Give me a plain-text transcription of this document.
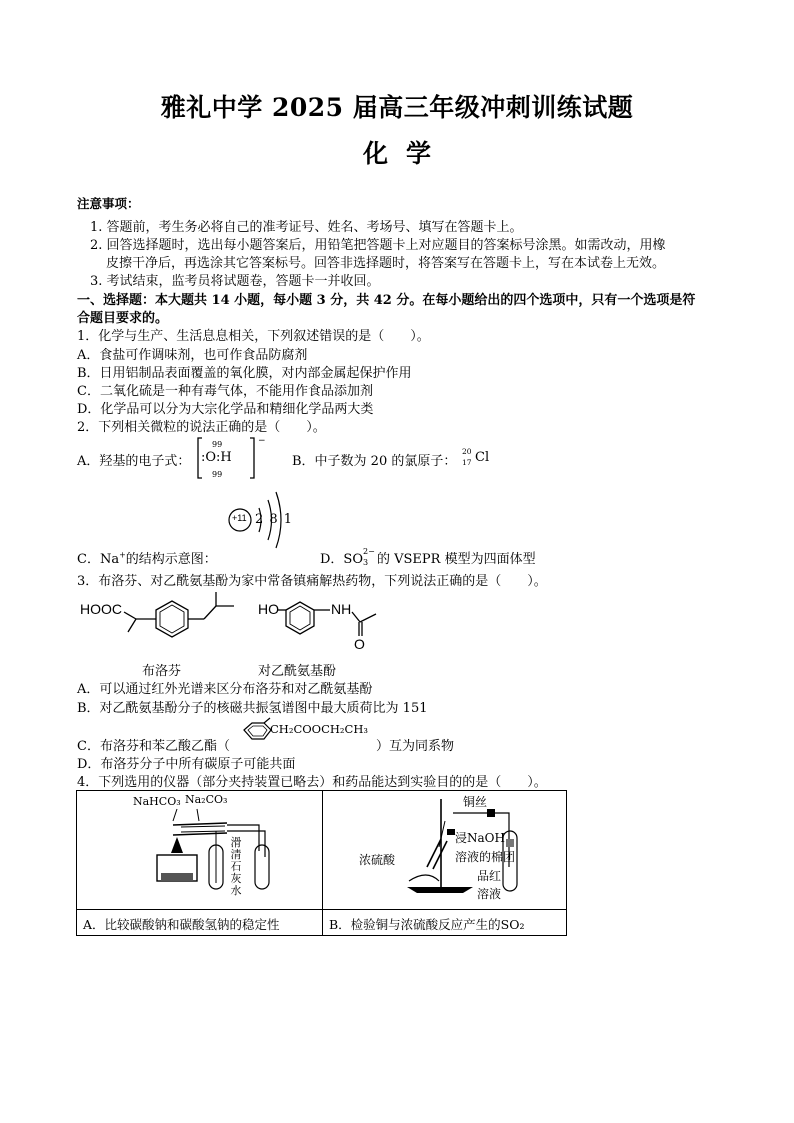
雅礼中学 2025 届高三年级冲刺训练试题
化学
注意事项：
1. 答题前，考生务必将自己的准考证号、姓名、考场号、填写在答题卡上。
2. 回答选择题时，选出每小题答案后，用铅笔把答题卡上对应题目的答案标号涂黑。如需改动，用橡
皮擦干净后，再选涂其它答案标号。回答非选择题时，将答案写在答题卡上，写在本试卷上无效。
3. 考试结束，监考员将试题卷，答题卡一并收回。
一、选择题：本大题共 14 小题，每小题 3 分，共 42 分。在每小题给出的四个选项中，只有一个选项是符
合题目要求的。
1．化学与生产、生活息息相关，下列叙述错误的是（　　）。
A．食盐可作调味剂，也可作食品防腐剂
B．日用铝制品表面覆盖的氧化膜，对内部金属起保护作用
C．二氧化硫是一种有毒气体，不能用作食品添加剂
D．化学品可以分为大宗化学品和精细化学品两大类
2．下列相关微粒的说法正确的是（　　）。
A．羟基的电子式：
99
99
−
:O:H	B．中子数为 20 的氯原子：
20
17 Cl
+11 2 8 1
C．Na+的结构示意图：	D．SO
2−
3 的 VSEPR 模型为四面体型
3．布洛芬、对乙酰氨基酚为家中常备镇痛解热药物，下列说法正确的是（　　）。
HOOC	HO	NH
O
布洛芬	对乙酰氨基酚
A．可以通过红外光谱来区分布洛芬和对乙酰氨基酚
B．对乙酰氨基酚分子的核磁共振氢谱图中最大质荷比为 151
C．布洛芬和苯乙酸乙酯（
CH₂COOCH₂CH₃
）互为同系物
D．布洛芬分子中所有碳原子可能共面
4．下列选用的仪器（部分夹持装置已略去）和药品能达到实验目的的是（　　）。
NaHCO₃ Na₂CO₃
滑
清
石
灰
水
铜丝
浓硫酸
浸NaOH
溶液的棉团
品红
溶液
A．比较碳酸钠和碳酸氢钠的稳定性	B．检验铜与浓硫酸反应产生的SO₂
